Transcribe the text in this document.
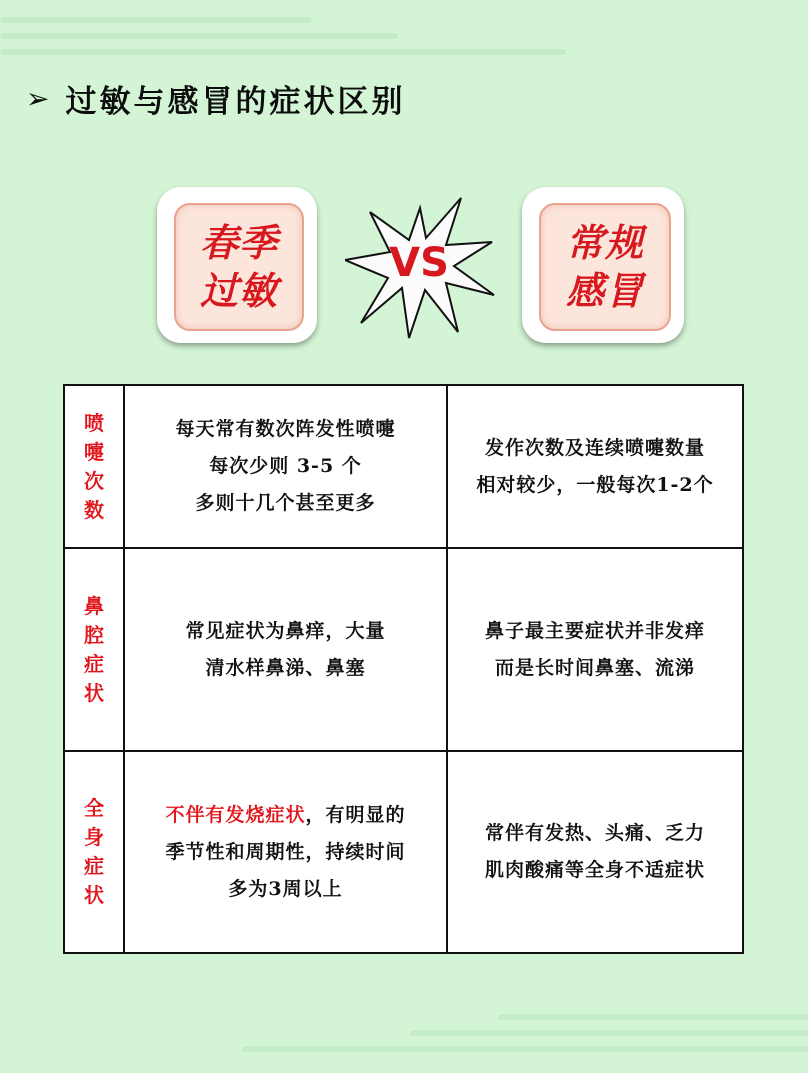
➢ 过敏与感冒的症状区别
春季
过敏
VS	常规
感冒
喷嚏次数
每天常有数次阵发性喷嚏
每次少则 3-5 个
多则十几个甚至更多
发作次数及连续喷嚏数量
相对较少，一般每次1-2个
鼻腔症状
常见症状为鼻痒，大量
清水样鼻涕、鼻塞
鼻子最主要症状并非发痒
而是长时间鼻塞、流涕
全身症状
不伴有发烧症状，有明显的
季节性和周期性，持续时间
多为3周以上
常伴有发热、头痛、乏力
肌肉酸痛等全身不适症状
